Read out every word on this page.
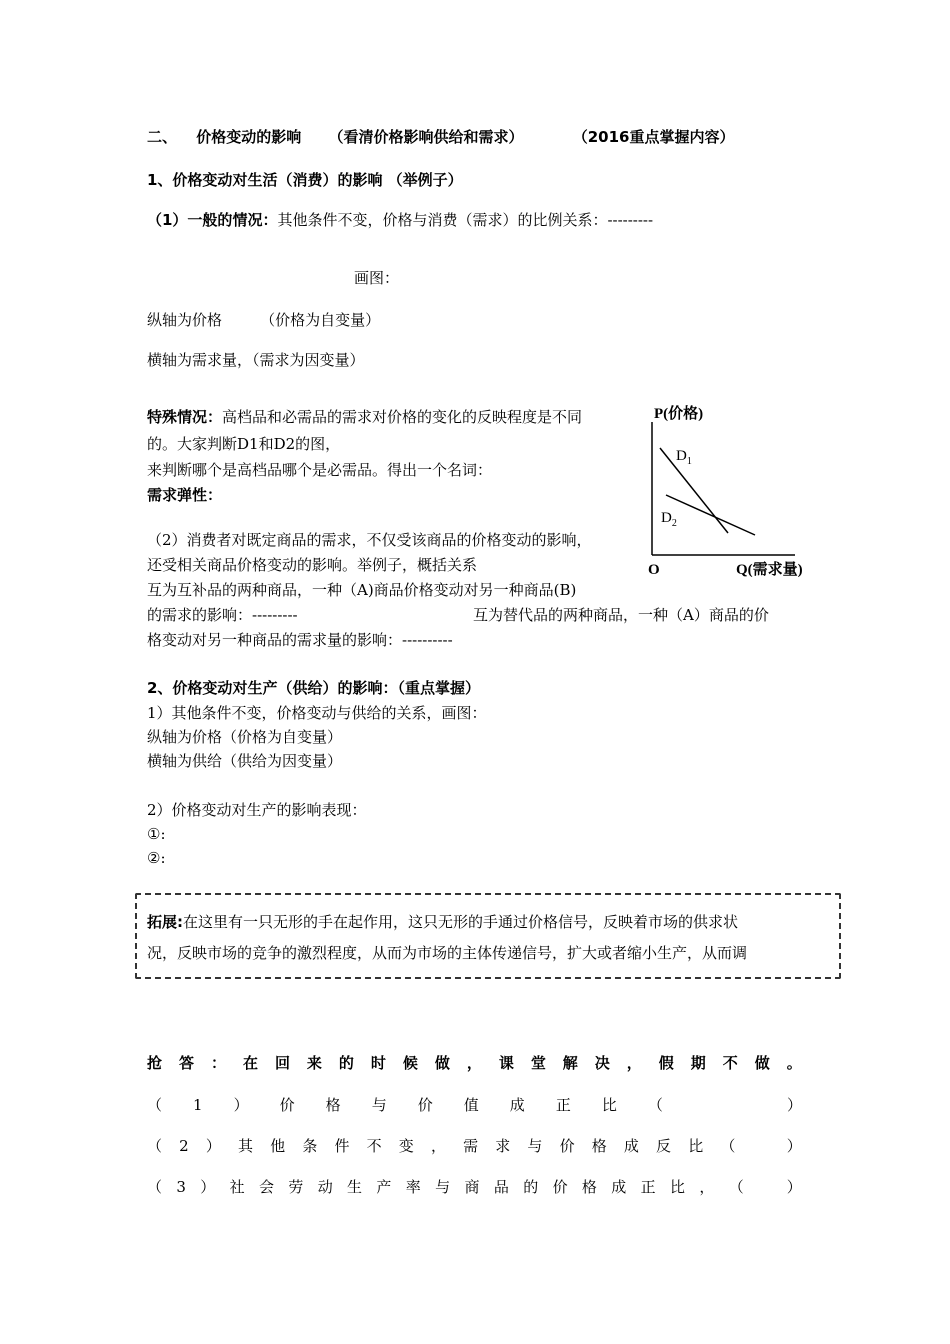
二、 价格变动的影响 （看清价格影响供给和需求）	（2016重点掌握内容）
1、价格变动对生活（消费）的影响 （举例子）
（1）一般的情况：其他条件不变，价格与消费（需求）的比例关系：---------
画图：
纵轴为价格        （价格为自变量）
横轴为需求量，（需求为因变量）
特殊情况：高档品和必需品的需求对价格的变化的反映程度是不同
的。大家判断D1和D2的图，
来判断哪个是高档品哪个是必需品。得出一个名词：
需求弹性：
（2）消费者对既定商品的需求，不仅受该商品的价格变动的影响，
还受相关商品价格变动的影响。举例子，概括关系
互为互补品的两种商品，一种（A)商品价格变动对另一种商品(B)
的需求的影响：---------	互为替代品的两种商品，一种（A）商品的价
格变动对另一种商品的需求量的影响：----------
P(价格)
Q(需求量)
O
$D_1$
$D_2$
2、价格变动对生产（供给）的影响：（重点掌握）
1）其他条件不变，价格变动与供给的关系，画图：
纵轴为价格（价格为自变量）
横轴为供给（供给为因变量）
2）价格变动对生产的影响表现：
①:
②:
拓展:在这里有一只无形的手在起作用，这只无形的手通过价格信号，反映着市场的供求状
况，反映市场的竞争的激烈程度，从而为市场的主体传递信号，扩大或者缩小生产，从而调
抢 答 ： 在 回 来 的 时 候 做 ， 课 堂 解 决 ， 假 期 不 做 。
（ 1 ） 价 格 与 价 值 成 正 比 （	）
（ 2 ） 其 他 条 件 不 变 ， 需 求 与 价 格 成 反 比 （	）
（ 3 ） 社 会 劳 动 生 产 率 与 商 品 的 价 格 成 正 比 ， （	）
